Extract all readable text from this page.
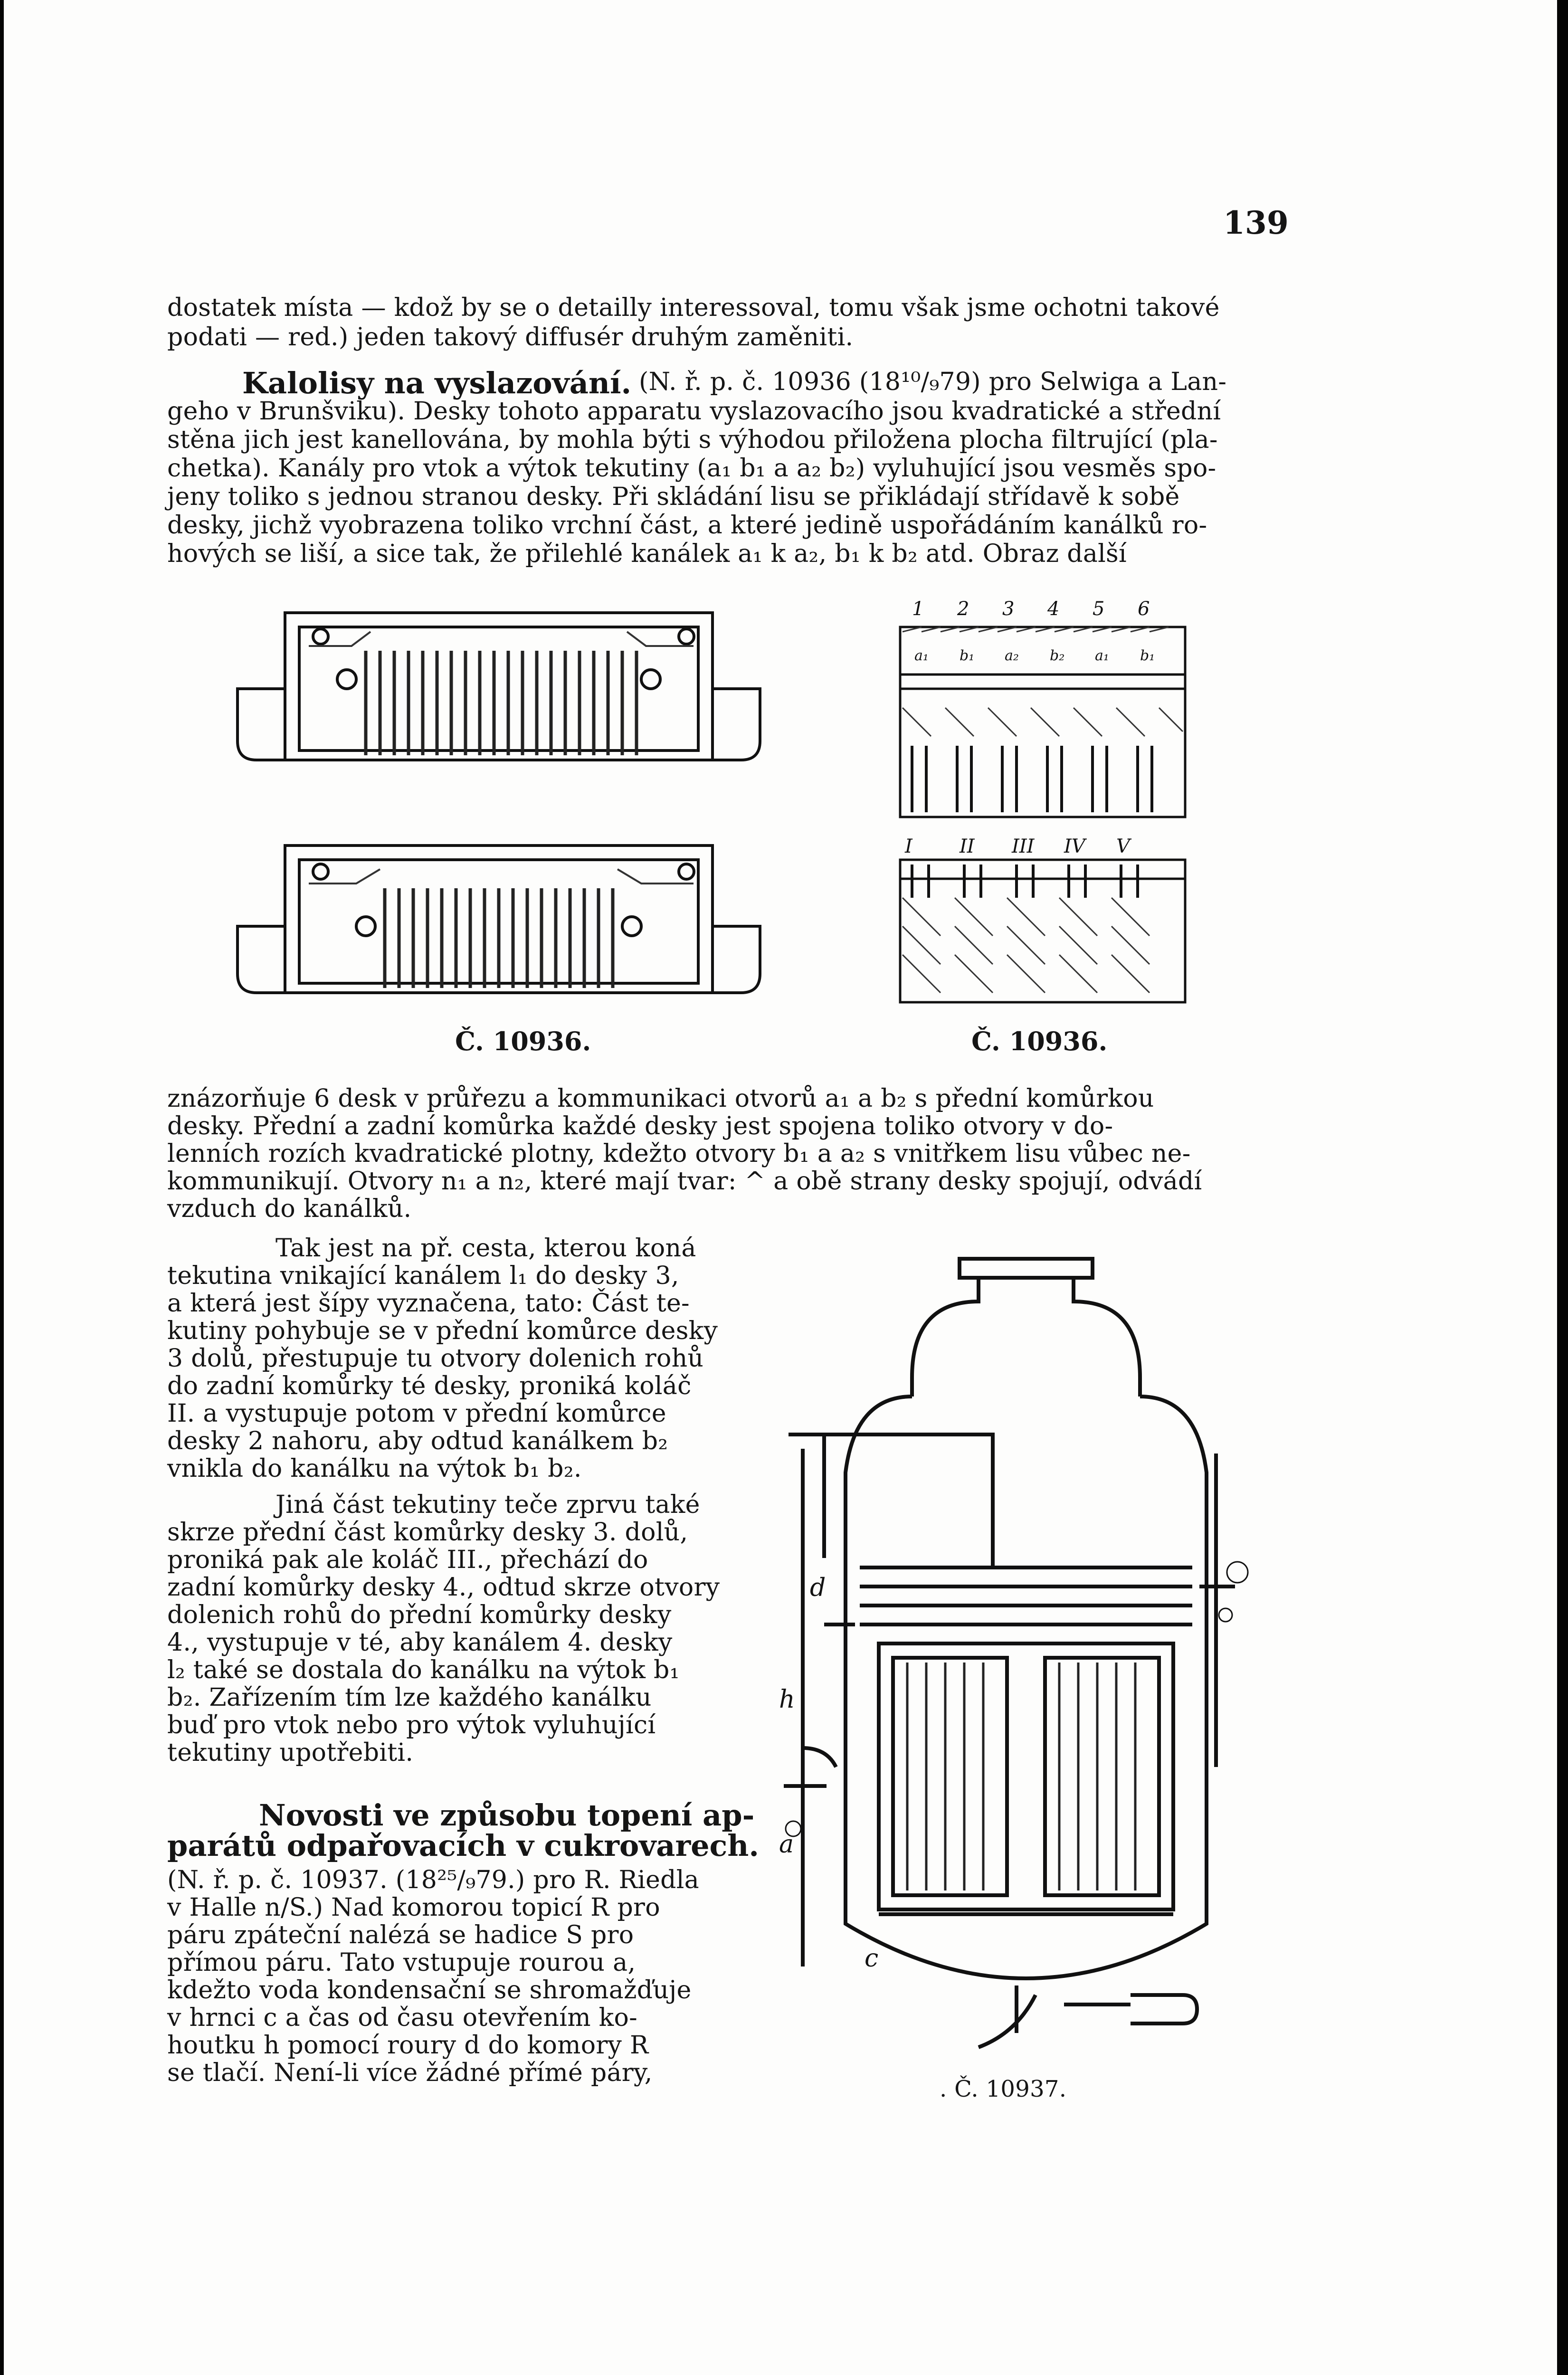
139
dostatek místa — kdož by se o detailly interessoval, tomu však jsme ochotni takové
podati — red.) jeden takový diffusér druhým zaměniti.
Kalolisy na vyslazování. (N. ř. p. č. 10936 (18¹⁰/₉79) pro Selwiga a Lan-
geho v Brunšviku). Desky tohoto apparatu vyslazovacího jsou kvadratické a střední
stěna jich jest kanellována, by mohla býti s výhodou přiložena plocha filtrující (pla-
chetka). Kanály pro vtok a výtok tekutiny (a₁ b₁ a a₂ b₂) vyluhující jsou vesměs spo-
jeny toliko s jednou stranou desky. Při skládání lisu se přikládají střídavě k sobě
desky, jichž vyobrazena toliko vrchní část, a které jedině uspořádáním kanálků ro-
hových se liší, a sice tak, že přilehlé kanálek a₁ k a₂, b₁ k b₂ atd. Obraz další
1 2 3 4 5 6
I II III IV V
a₁ b₁ a₂ b₂ a₁ b₁
Č. 10936.	Č. 10936.
znázorňuje 6 desk v průřezu a kommunikaci otvorů a₁ a b₂ s přední komůrkou
desky. Přední a zadní komůrka každé desky jest spojena toliko otvory v do-
lenních rozích kvadratické plotny, kdežto otvory b₁ a a₂ s vnitřkem lisu vůbec ne-
kommunikují. Otvory n₁ a n₂, které mají tvar: ^ a obě strany desky spojují, odvádí
vzduch do kanálků.
Tak jest na př. cesta, kterou koná
tekutina vnikající kanálem l₁ do desky 3,
a která jest šípy vyznačena, tato: Část te-
kutiny pohybuje se v přední komůrce desky
3 dolů, přestupuje tu otvory dolenich rohů
do zadní komůrky té desky, proniká koláč
II. a vystupuje potom v přední komůrce
desky 2 nahoru, aby odtud kanálkem b₂
vnikla do kanálku na výtok b₁ b₂.
Jiná část tekutiny teče zprvu také
skrze přední část komůrky desky 3. dolů,
proniká pak ale koláč III., přechází do
zadní komůrky desky 4., odtud skrze otvory
dolenich rohů do přední komůrky desky
4., vystupuje v té, aby kanálem 4. desky
l₂ také se dostala do kanálku na výtok b₁
b₂. Zařízením tím lze každého kanálku
buď pro vtok nebo pro výtok vyluhující
tekutiny upotřebiti.
Novosti ve způsobu topení ap-
parátů odpařovacích v cukrovarech.
(N. ř. p. č. 10937. (18²⁵/₉79.) pro R. Riedla
v Halle n/S.) Nad komorou topicí R pro
páru zpáteční nalézá se hadice S pro
přímou páru. Tato vstupuje rourou a,
kdežto voda kondensační se shromažďuje
v hrnci c a čas od času otevřením ko-
houtku h pomocí roury d do komory R
se tlačí. Není-li více žádné přímé páry,
d
h
a
c
. Č. 10937.
